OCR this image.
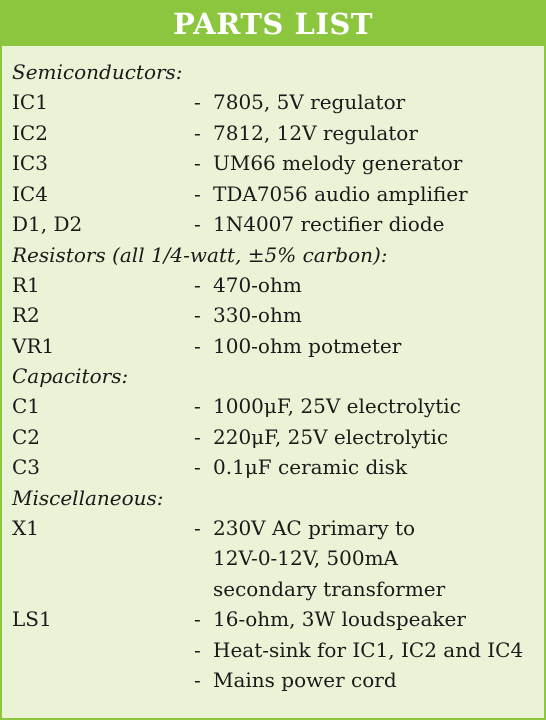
PARTS LIST
Semiconductors:
IC1	- 7805, 5V regulator
IC2	- 7812, 12V regulator
IC3	- UM66 melody generator
IC4	- TDA7056 audio amplifier
D1, D2	- 1N4007 rectifier diode
Resistors (all 1/4-watt, ±5% carbon):
R1	- 470-ohm
R2	- 330-ohm
VR1	- 100-ohm potmeter
Capacitors:
C1	- 1000μF, 25V electrolytic
C2	- 220μF, 25V electrolytic
C3	- 0.1μF ceramic disk
Miscellaneous:
X1	- 230V AC primary to
12V-0-12V, 500mA
secondary transformer
LS1	- 16-ohm, 3W loudspeaker
- Heat-sink for IC1, IC2 and IC4
- Mains power cord
